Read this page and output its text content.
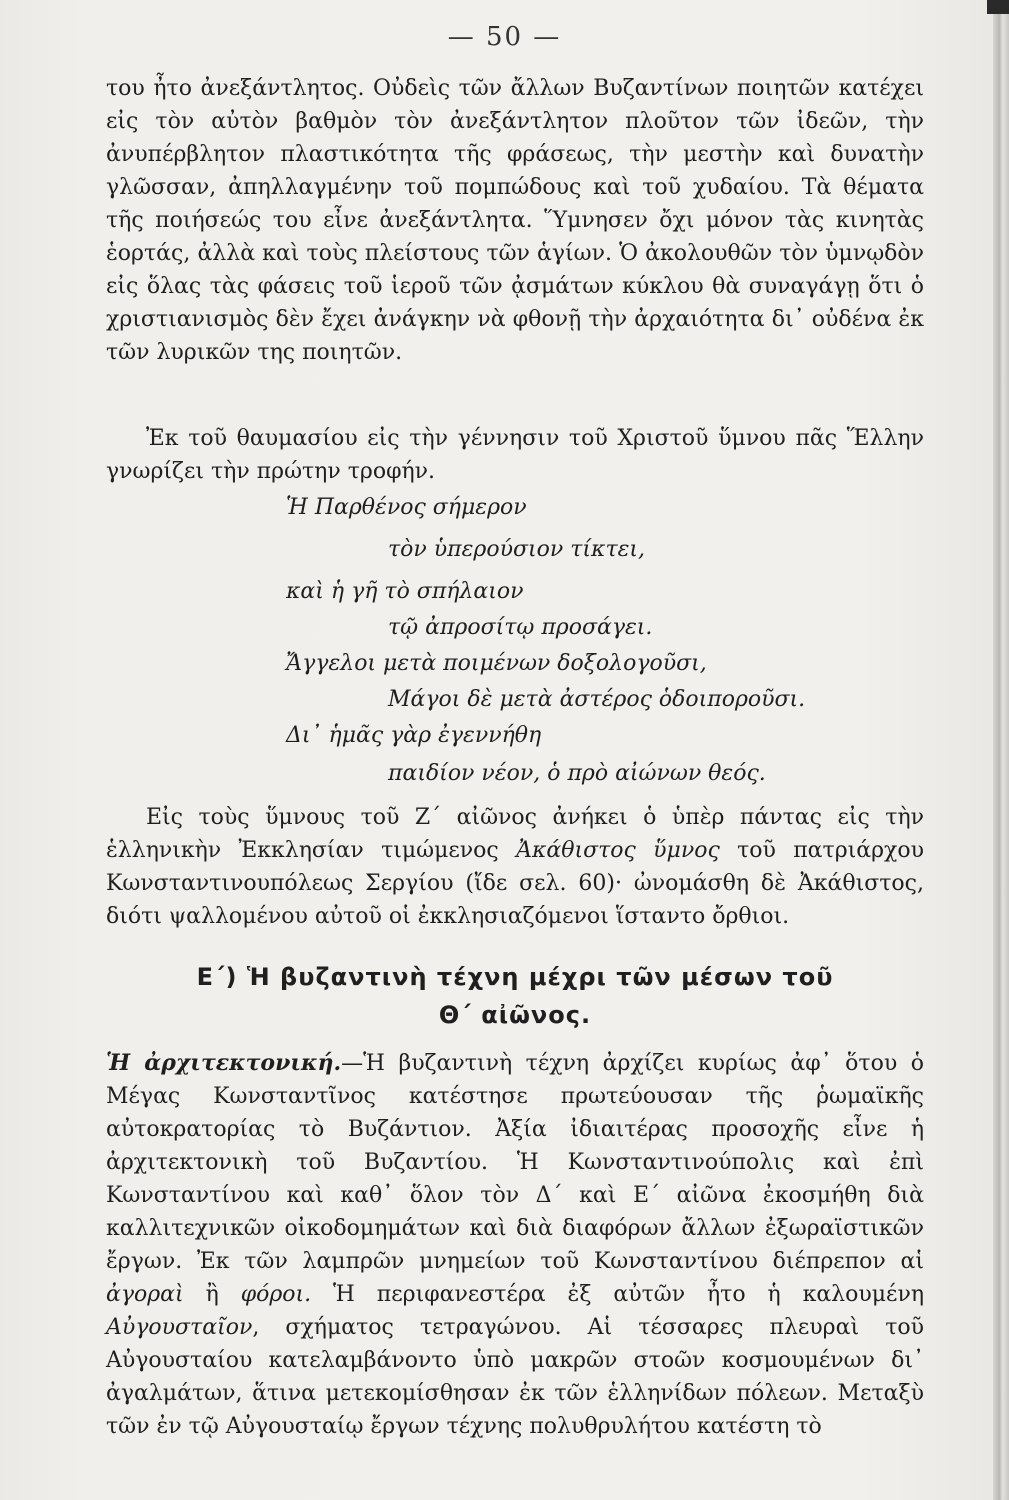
— 50 —

του ἦτο ἀνεξάντλητος. Οὐδεὶς τῶν ἄλλων Βυζαντίνων ποιητῶν κατέχει εἰς τὸν αὐτὸν βαθμὸν τὸν ἀνεξάντλητον πλοῦτον τῶν ἰδεῶν, τὴν ἀνυπέρβλητον πλαστικότητα τῆς φράσεως, τὴν μεστὴν καὶ δυνατὴν γλῶσσαν, ἀπηλλαγμένην τοῦ πομπώδους καὶ τοῦ χυδαίου. Τὰ θέματα τῆς ποιήσεώς του εἶνε ἀνεξάντλητα. Ὕμνησεν ὄχι μόνον τὰς κινητὰς ἑορτάς, ἀλλὰ καὶ τοὺς πλείστους τῶν ἁγίων. Ὁ ἀκολουθῶν τὸν ὑμνῳδὸν εἰς ὅλας τὰς φάσεις τοῦ ἱεροῦ τῶν ᾀσμάτων κύκλου θὰ συναγάγῃ ὅτι ὁ χριστιανισμὸς δὲν ἔχει ἀνάγκην νὰ φθονῇ τὴν ἀρχαιότητα δι᾿ οὐδένα ἐκ τῶν λυρικῶν της ποιητῶν.

Ἐκ τοῦ θαυμασίου εἰς τὴν γέννησιν τοῦ Χριστοῦ ὕμνου πᾶς Ἕλλην γνωρίζει τὴν πρώτην τροφήν.

Ἡ Παρθένος σήμερον
τὸν ὑπερούσιον τίκτει,
καὶ ἡ γῆ τὸ σπήλαιον
τῷ ἀπροσίτῳ προσάγει.
Ἄγγελοι μετὰ ποιμένων δοξολογοῦσι,
Μάγοι δὲ μετὰ ἀστέρος ὁδοιποροῦσι.
Δι᾿ ἡμᾶς γὰρ ἐγεννήθη
παιδίον νέον, ὁ πρὸ αἰώνων θεός.

Εἰς τοὺς ὕμνους τοῦ Ζ΄ αἰῶνος ἀνήκει ὁ ὑπὲρ πάντας εἰς τὴν ἑλληνικὴν Ἐκκλησίαν τιμώμενος Ἀκάθιστος ὕμνος τοῦ πατριάρχου Κωνσταντινουπόλεως Σεργίου (ἴδε σελ. 60)· ὠνομάσθη δὲ Ἀκάθιστος, διότι ψαλλομένου αὐτοῦ οἱ ἐκκλησιαζόμενοι ἵσταντο ὄρθιοι.

Ε΄) Ἡ βυζαντινὴ τέχνη μέχρι τῶν μέσων τοῦ
Θ΄ αἰῶνος.

Ἡ ἀρχιτεκτονική.—Ἡ βυζαντινὴ τέχνη ἀρχίζει κυρίως ἀφ᾿ ὅτου ὁ Μέγας Κωνσταντῖνος κατέστησε πρωτεύουσαν τῆς ῥωμαϊκῆς αὐτοκρατορίας τὸ Βυζάντιον. Ἀξία ἰδιαιτέρας προσοχῆς εἶνε ἡ ἀρχιτεκτονικὴ τοῦ Βυζαντίου. Ἡ Κωνσταντινούπολις καὶ ἐπὶ Κωνσταντίνου καὶ καθ᾿ ὅλον τὸν Δ΄ καὶ Ε΄ αἰῶνα ἐκοσμήθη διὰ καλλιτεχνικῶν οἰκοδομημάτων καὶ διὰ διαφόρων ἄλλων ἐξωραϊστικῶν ἔργων. Ἐκ τῶν λαμπρῶν μνημείων τοῦ Κωνσταντίνου διέπρεπον αἱ ἀγοραὶ ἢ φόροι. Ἡ περιφανεστέρα ἐξ αὐτῶν ἦτο ἡ καλουμένη Αὐγουσταῖον, σχήματος τετραγώνου. Αἱ τέσσαρες πλευραὶ τοῦ Αὐγουσταίου κατελαμβάνοντο ὑπὸ μακρῶν στοῶν κοσμουμένων δι᾿ ἀγαλμάτων, ἅτινα μετεκομίσθησαν ἐκ τῶν ἑλληνίδων πόλεων. Μεταξὺ τῶν ἐν τῷ Αὐγουσταίῳ ἔργων τέχνης πολυθρυλήτου κατέστη τὸ
